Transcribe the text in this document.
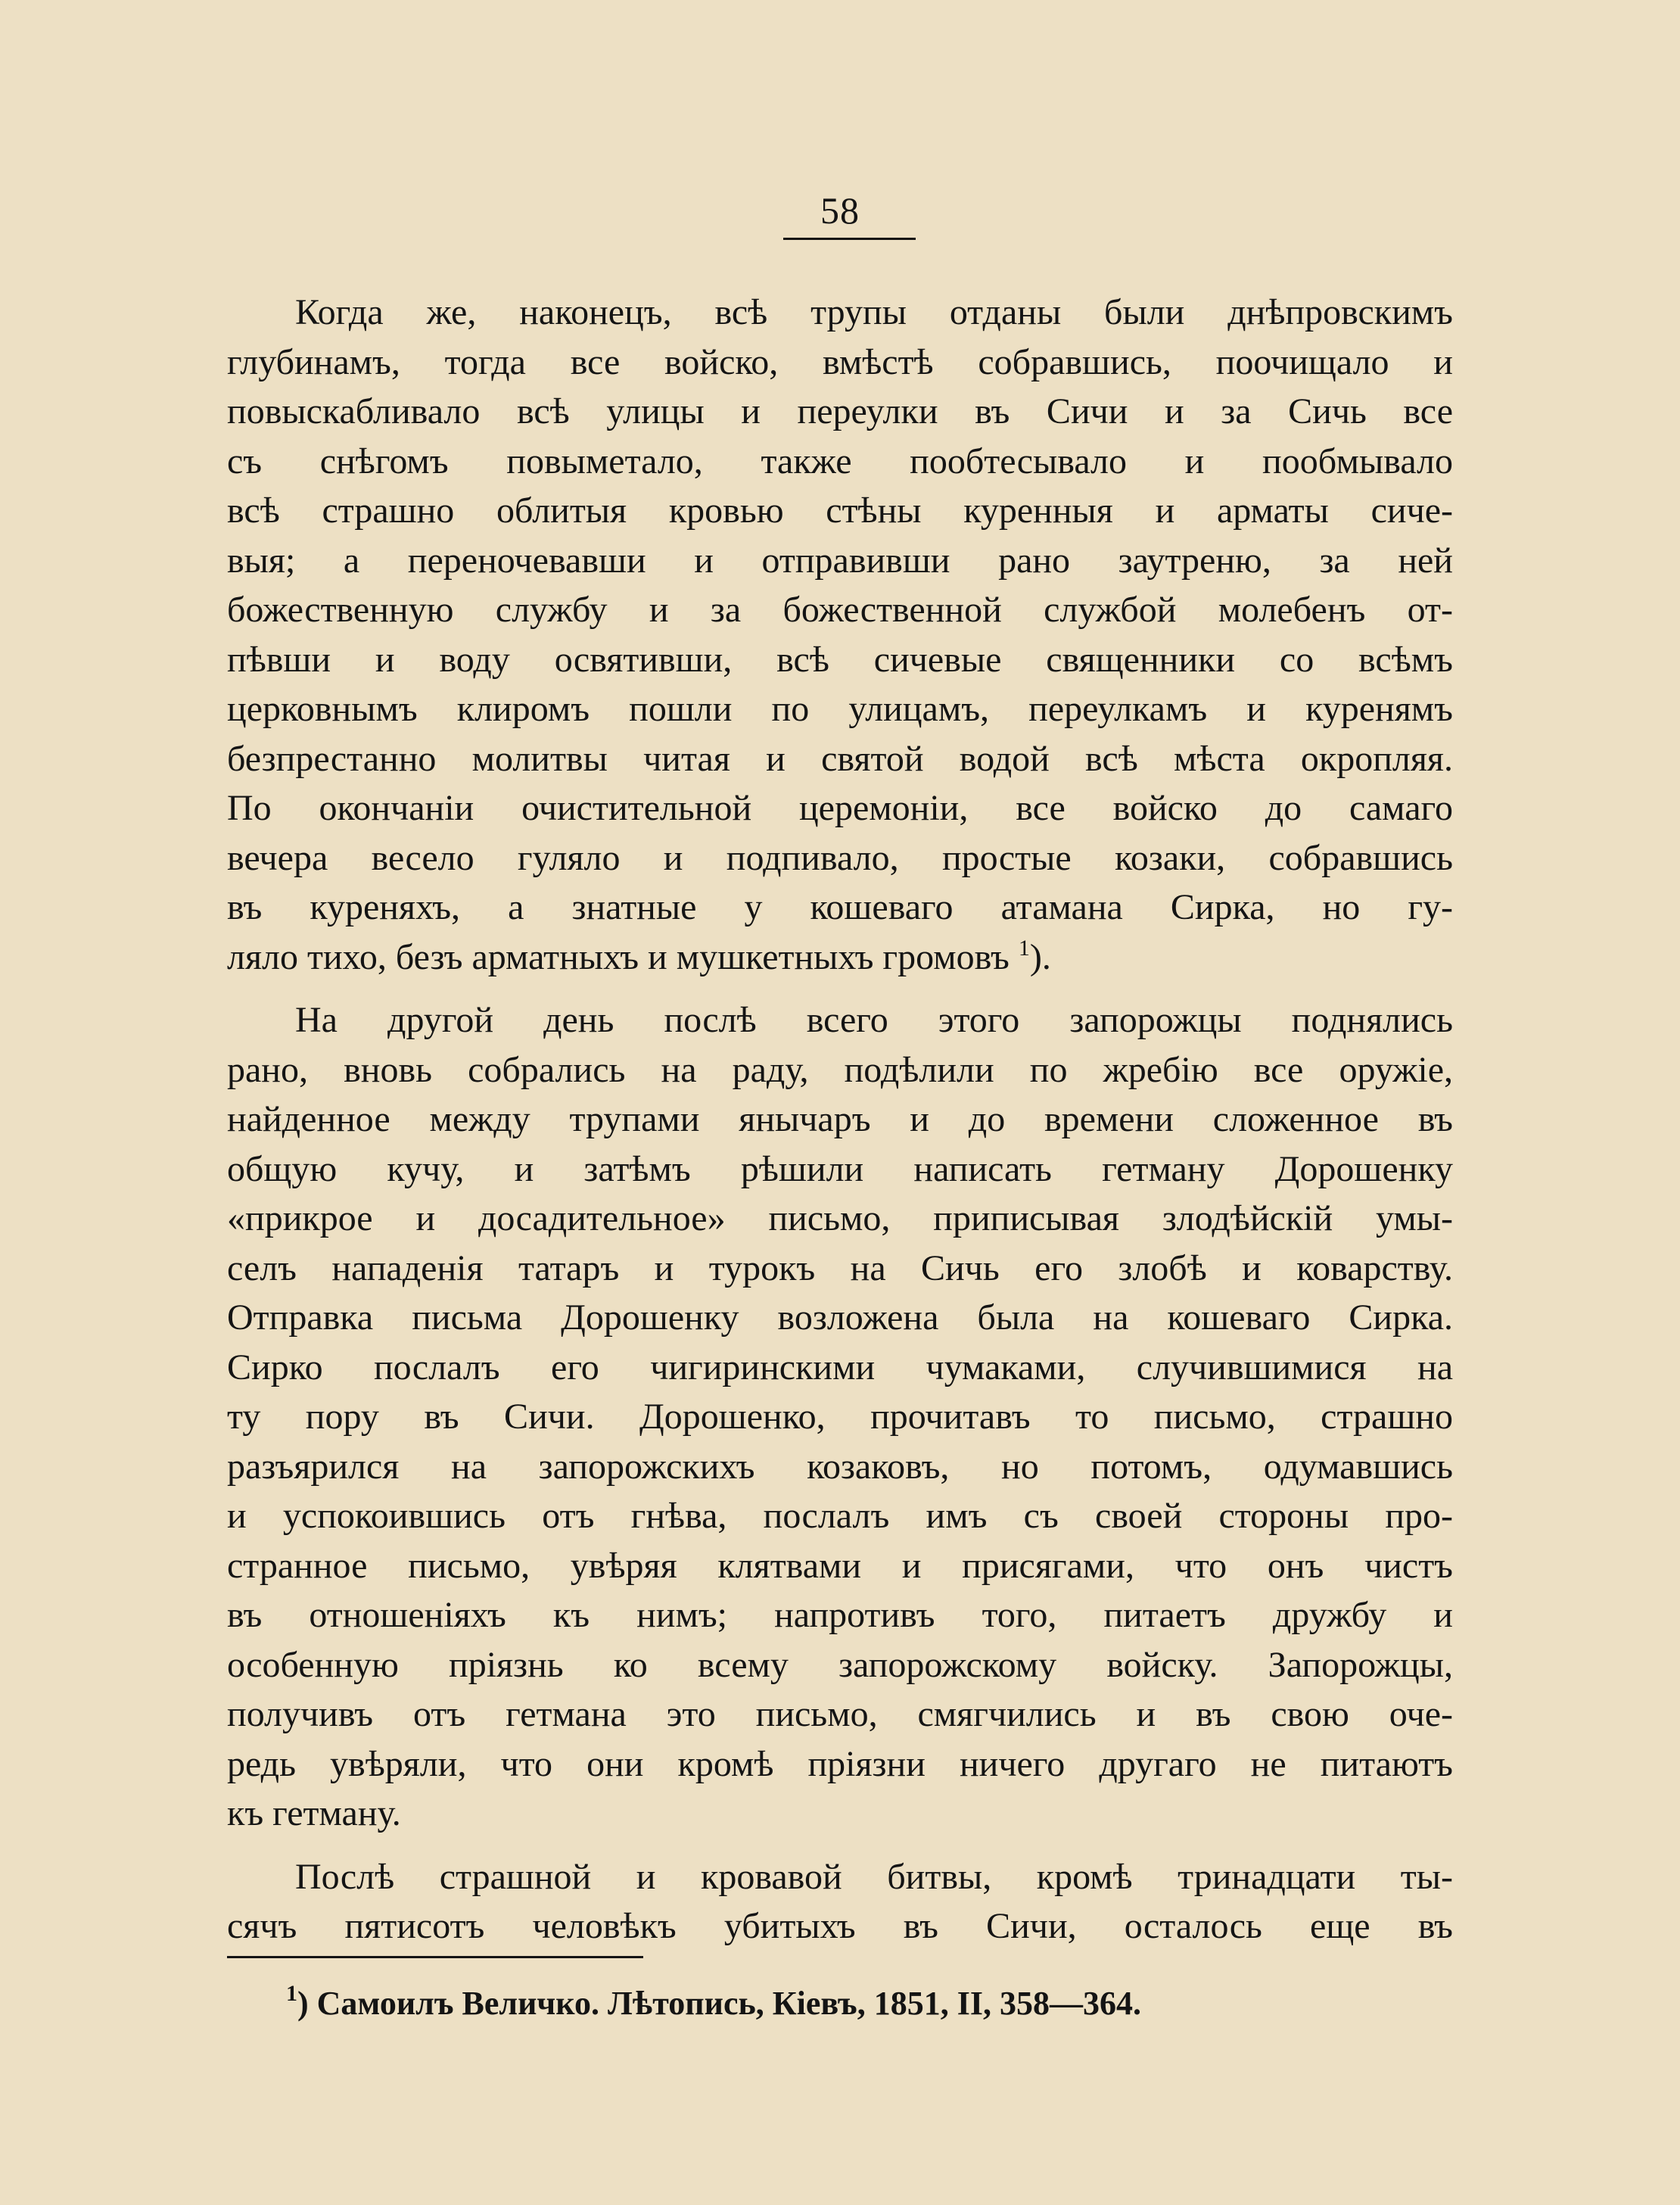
58
Когда же, наконецъ, всѣ трупы отданы были днѣпровскимъ
глубинамъ, тогда все войско, вмѣстѣ собравшись, поочищало и
повыскабливало всѣ улицы и переулки въ Сичи и за Сичь все
съ снѣгомъ повыметало, также пообтесывало и пообмывало
всѣ страшно облитыя кровью стѣны куренныя и арматы сиче-
выя; а переночевавши и отправивши рано заутреню, за ней
божественную службу и за божественной службой молебенъ от-
пѣвши и воду освятивши, всѣ сичевые священники со всѣмъ
церковнымъ клиромъ пошли по улицамъ, переулкамъ и куренямъ
безпрестанно молитвы читая и святой водой всѣ мѣста окропляя.
По окончаніи очистительной церемоніи, все войско до самаго
вечера весело гуляло и подпивало, простые козаки, собравшись
въ куреняхъ, а знатные у кошеваго атамана Сирка, но гу-
ляло тихо, безъ арматныхъ и мушкетныхъ громовъ $^1$).
На другой день послѣ всего этого запорожцы поднялись
рано, вновь собрались на раду, подѣлили по жребію все оружіе,
найденное между трупами янычаръ и до времени сложенное въ
общую кучу, и затѣмъ рѣшили написать гетману Дорошенку
«прикрое и досадительное» письмо, приписывая злодѣйскій умы-
селъ нападенія татаръ и турокъ на Сичь его злобѣ и коварству.
Отправка письма Дорошенку возложена была на кошеваго Сирка.
Сирко послалъ его чигиринскими чумаками, случившимися на
ту пору въ Сичи. Дорошенко, прочитавъ то письмо, страшно
разъярился на запорожскихъ козаковъ, но потомъ, одумавшись
и успокоившись отъ гнѣва, послалъ имъ съ своей стороны про-
странное письмо, увѣряя клятвами и присягами, что онъ чистъ
въ отношеніяхъ къ нимъ; напротивъ того, питаетъ дружбу и
особенную пріязнь ко всему запорожскому войску. Запорожцы,
получивъ отъ гетмана это письмо, смягчились и въ свою оче-
редь увѣряли, что они кромѣ пріязни ничего другаго не питаютъ
къ гетману.
Послѣ страшной и кровавой битвы, кромѣ тринадцати ты-
сячъ пятисотъ человѣкъ убитыхъ въ Сичи, осталось еще въ
$^1$) Самоилъ Величко. Лѣтопись, Кіевъ, 1851, II, 358—364.
